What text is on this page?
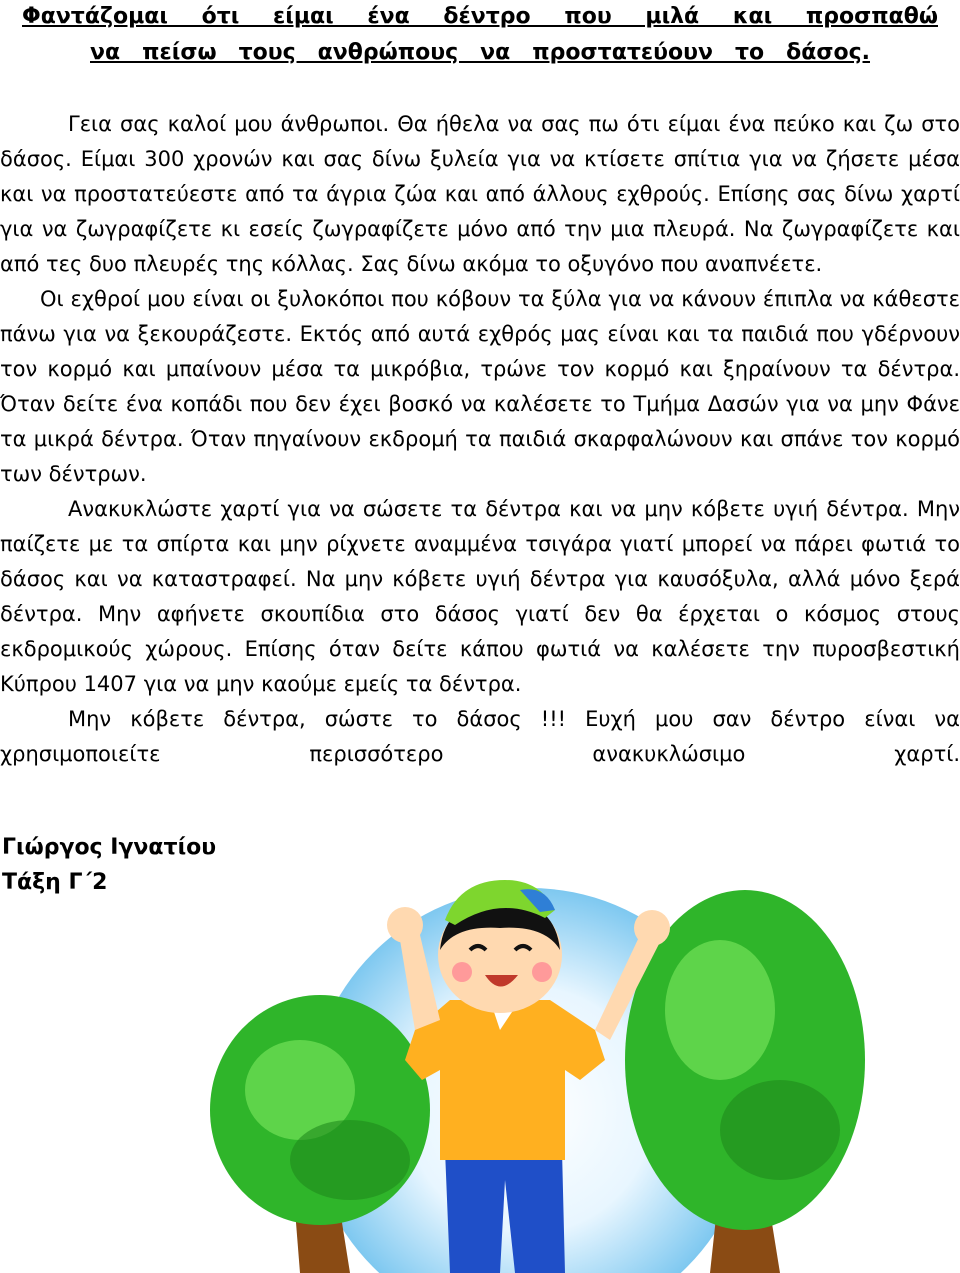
Φαντάζομαι ότι είμαι ένα δέντρο που μιλά και προσπαθώ
να πείσω τους ανθρώπους να προστατεύουν το δάσος.

Γεια σας καλοί μου άνθρωποι. Θα ήθελα να σας πω ότι είμαι ένα πεύκο και ζω στο δάσος. Είμαι 300 χρονών και σας δίνω ξυλεία για να κτίσετε σπίτια για να ζήσετε μέσα και να προστατεύεστε από τα άγρια ζώα και από άλλους εχθρούς. Επίσης σας δίνω χαρτί για να ζωγραφίζετε κι εσείς ζωγραφίζετε μόνο από την μια πλευρά. Να ζωγραφίζετε και από τες δυο πλευρές της κόλλας. Σας δίνω ακόμα το οξυγόνο που αναπνέετε.

Οι εχθροί μου είναι οι ξυλοκόποι που κόβουν τα ξύλα για να κάνουν έπιπλα να κάθεστε πάνω για να ξεκουράζεστε. Εκτός από αυτά εχθρός μας είναι και τα παιδιά που γδέρνουν τον κορμό και μπαίνουν μέσα τα μικρόβια, τρώνε τον κορμό και ξηραίνουν τα δέντρα. Όταν δείτε ένα κοπάδι που δεν έχει βοσκό να καλέσετε το Τμήμα Δασών για να μην Φάνε τα μικρά δέντρα. Όταν πηγαίνουν εκδρομή τα παιδιά σκαρφαλώνουν και σπάνε τον κορμό των δέντρων.

Ανακυκλώστε χαρτί για να σώσετε τα δέντρα και να μην κόβετε υγιή δέντρα. Μην παίζετε με τα σπίρτα και μην ρίχνετε αναμμένα τσιγάρα γιατί μπορεί να πάρει φωτιά το δάσος και να καταστραφεί. Να μην κόβετε υγιή δέντρα για καυσόξυλα, αλλά μόνο ξερά δέντρα. Μην αφήνετε σκουπίδια στο δάσος γιατί δεν θα έρχεται ο κόσμος στους εκδρομικούς χώρους. Επίσης όταν δείτε κάπου φωτιά να καλέσετε την πυροσβεστική Κύπρου 1407 για να μην καούμε εμείς τα δέντρα.

Μην κόβετε δέντρα, σώστε το δάσος !!! Ευχή μου σαν δέντρο είναι να χρησιμοποιείτε περισσότερο ανακυκλώσιμο χαρτί.

Γιώργος Ιγνατίου
Τάξη Γ΄2
